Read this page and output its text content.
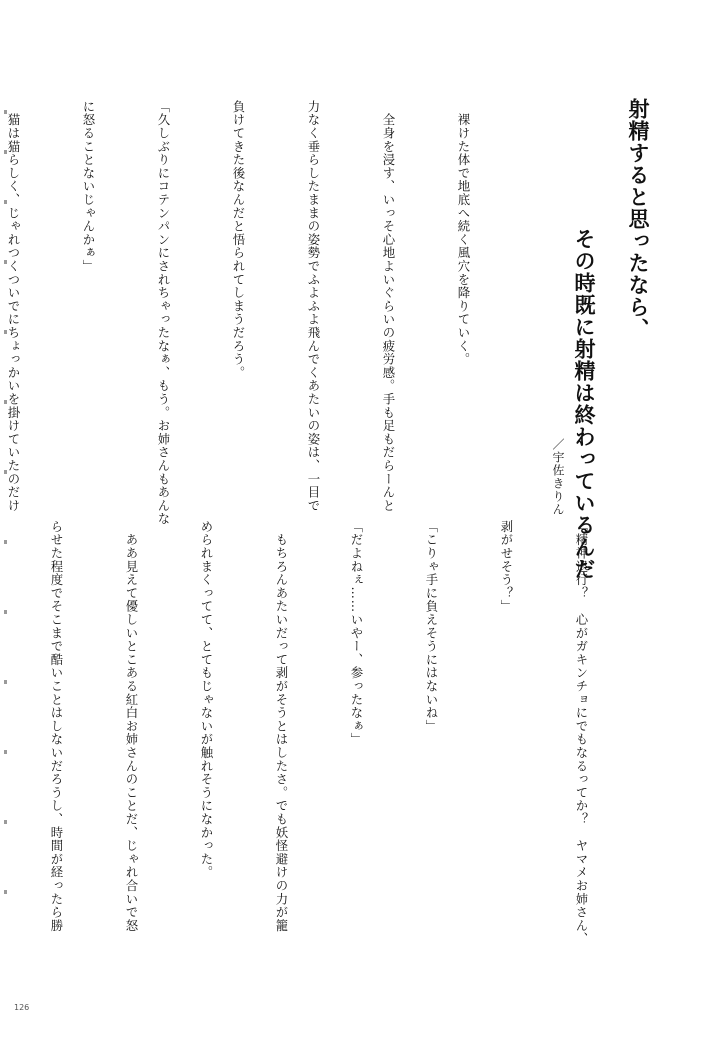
射精すると思ったなら、
その時既に射精は終わっているんだ
／宇佐きりん

　裸けた体で地底へ続く風穴を降りていく。

　全身を浸す、いっそ心地よいぐらいの疲労感。手も足もだらーんと

力なく垂らしたままの姿勢でふよふよ飛んでくあたいの姿は、一目で

負けてきた後なんだと悟られてしまうだろう。

「久しぶりにコテンパンにされちゃったなぁ、もう。お姉さんもあんな

に怒ることないじゃんかぁ」

　猫は猫らしく、じゃれつくついでにちょっかいを掛けていたのだけ

「精神退行？　心がガキンチョにでもなるってか？　ヤマメお姉さん、

剥がせそう？」

「こりゃ手に負えそうにはないね」

「だよねぇ……いやー、参ったなぁ」

　もちろんあたいだって剥がそうとはしたさ。でも妖怪避けの力が籠

められまくってて、とてもじゃないが触れそうになかった。

　ああ見えて優しいとこある紅白お姉さんのことだ、じゃれ合いで怒

らせた程度でそこまで酷いことはしないだろうし、時間が経ったら勝

126
